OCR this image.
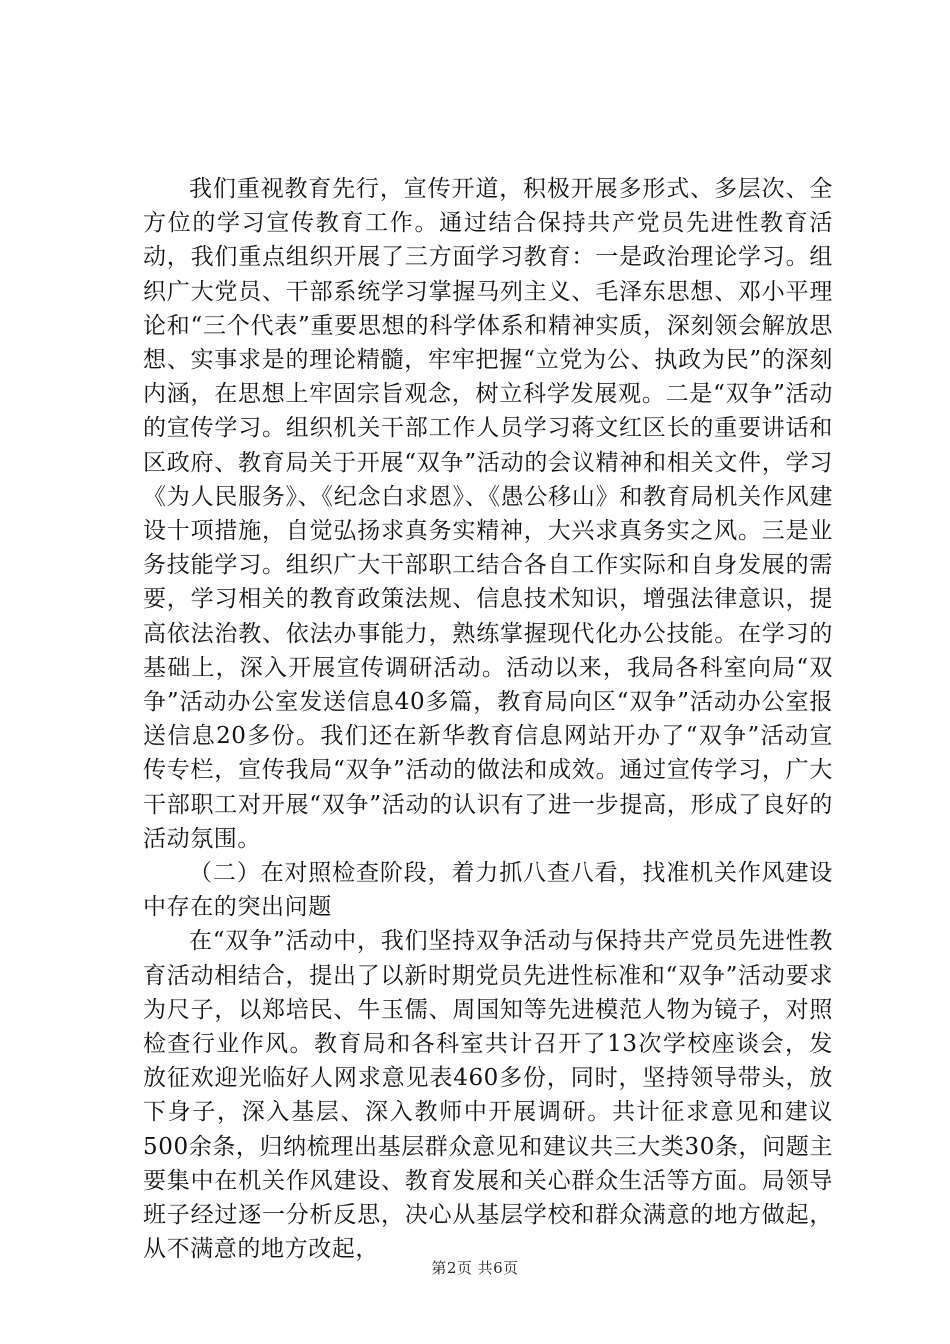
我们重视教育先行，宣传开道，积极开展多形式、多层次、全方位的学习宣传教育工作。通过结合保持共产党员先进性教育活动，我们重点组织开展了三方面学习教育：一是政治理论学习。组织广大党员、干部系统学习掌握马列主义、毛泽东思想、邓小平理论和“三个代表”重要思想的科学体系和精神实质，深刻领会解放思想、实事求是的理论精髓，牢牢把握“立党为公、执政为民”的深刻内涵，在思想上牢固宗旨观念，树立科学发展观。二是“双争”活动的宣传学习。组织机关干部工作人员学习蒋文红区长的重要讲话和区政府、教育局关于开展“双争”活动的会议精神和相关文件，学习《为人民服务》、《纪念白求恩》、《愚公移山》和教育局机关作风建设十项措施，自觉弘扬求真务实精神，大兴求真务实之风。三是业务技能学习。组织广大干部职工结合各自工作实际和自身发展的需要，学习相关的教育政策法规、信息技术知识，增强法律意识，提高依法治教、依法办事能力，熟练掌握现代化办公技能。在学习的基础上，深入开展宣传调研活动。活动以来，我局各科室向局“双争”活动办公室发送信息40多篇，教育局向区“双争”活动办公室报送信息20多份。我们还在新华教育信息网站开办了“双争”活动宣传专栏，宣传我局“双争”活动的做法和成效。通过宣传学习，广大干部职工对开展“双争”活动的认识有了进一步提高，形成了良好的活动氛围。

（二）在对照检查阶段，着力抓八查八看，找准机关作风建设中存在的突出问题

在“双争”活动中，我们坚持双争活动与保持共产党员先进性教育活动相结合，提出了以新时期党员先进性标准和“双争”活动要求为尺子，以郑培民、牛玉儒、周国知等先进模范人物为镜子，对照检查行业作风。教育局和各科室共计召开了13次学校座谈会，发放征欢迎光临好人网求意见表460多份，同时，坚持领导带头，放下身子，深入基层、深入教师中开展调研。共计征求意见和建议500余条，归纳梳理出基层群众意见和建议共三大类30条，问题主要集中在机关作风建设、教育发展和关心群众生活等方面。局领导班子经过逐一分析反思，决心从基层学校和群众满意的地方做起，从不满意的地方改起，

第2页 共6页
